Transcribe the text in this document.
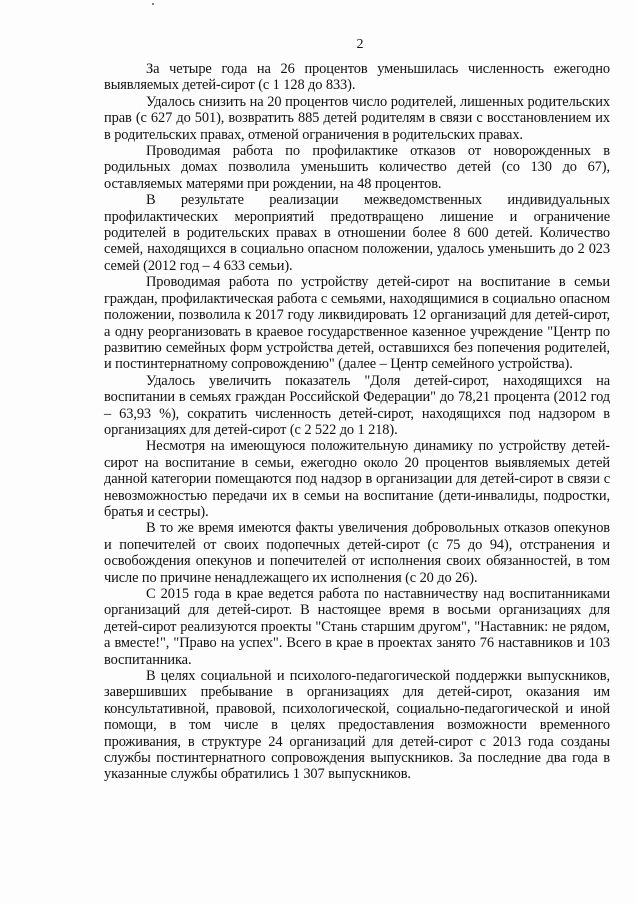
2

За четыре года на 26 процентов уменьшилась численность ежегодно выявляемых детей-сирот (с 1 128 до 833).

Удалось снизить на 20 процентов число родителей, лишенных родительских прав (с 627 до 501), возвратить 885 детей родителям в связи с восстановлением их в родительских правах, отменой ограничения в родительских правах.

Проводимая работа по профилактике отказов от новорожденных в родильных домах позволила уменьшить количество детей (со 130 до 67), оставляемых матерями при рождении, на 48 процентов.

В результате реализации межведомственных индивидуальных профилактических мероприятий предотвращено лишение и ограничение родителей в родительских правах в отношении более 8 600 детей. Количество семей, находящихся в социально опасном положении, удалось уменьшить до 2 023 семей (2012 год – 4 633 семьи).

Проводимая работа по устройству детей-сирот на воспитание в семьи граждан, профилактическая работа с семьями, находящимися в социально опасном положении, позволила к 2017 году ликвидировать 12 организаций для детей-сирот, а одну реорганизовать в краевое государственное казенное учреждение "Центр по развитию семейных форм устройства детей, оставшихся без попечения родителей, и постинтернатному сопровождению" (далее – Центр семейного устройства).

Удалось увеличить показатель "Доля детей-сирот, находящихся на воспитании в семьях граждан Российской Федерации" до 78,21 процента (2012 год – 63,93 %), сократить численность детей-сирот, находящихся под надзором в организациях для детей-сирот (с 2 522 до 1 218).

Несмотря на имеющуюся положительную динамику по устройству детей-сирот на воспитание в семьи, ежегодно около 20 процентов выявляемых детей данной категории помещаются под надзор в организации для детей-сирот в связи с невозможностью передачи их в семьи на воспитание (дети-инвалиды, подростки, братья и сестры).

В то же время имеются факты увеличения добровольных отказов опекунов и попечителей от своих подопечных детей-сирот (с 75 до 94), отстранения и освобождения опекунов и попечителей от исполнения своих обязанностей, в том числе по причине ненадлежащего их исполнения (с 20 до 26).

С 2015 года в крае ведется работа по наставничеству над воспитанниками организаций для детей-сирот. В настоящее время в восьми организациях для детей-сирот реализуются проекты "Стань старшим другом", "Наставник: не рядом, а вместе!", "Право на успех". Всего в крае в проектах занято 76 наставников и 103 воспитанника.

В целях социальной и психолого-педагогической поддержки выпускников, завершивших пребывание в организациях для детей-сирот, оказания им консультативной, правовой, психологической, социально-педагогической и иной помощи, в том числе в целях предоставления возможности временного проживания, в структуре 24 организаций для детей-сирот с 2013 года созданы службы постинтернатного сопровождения выпускников. За последние два года в указанные службы обратились 1 307 выпускников.
